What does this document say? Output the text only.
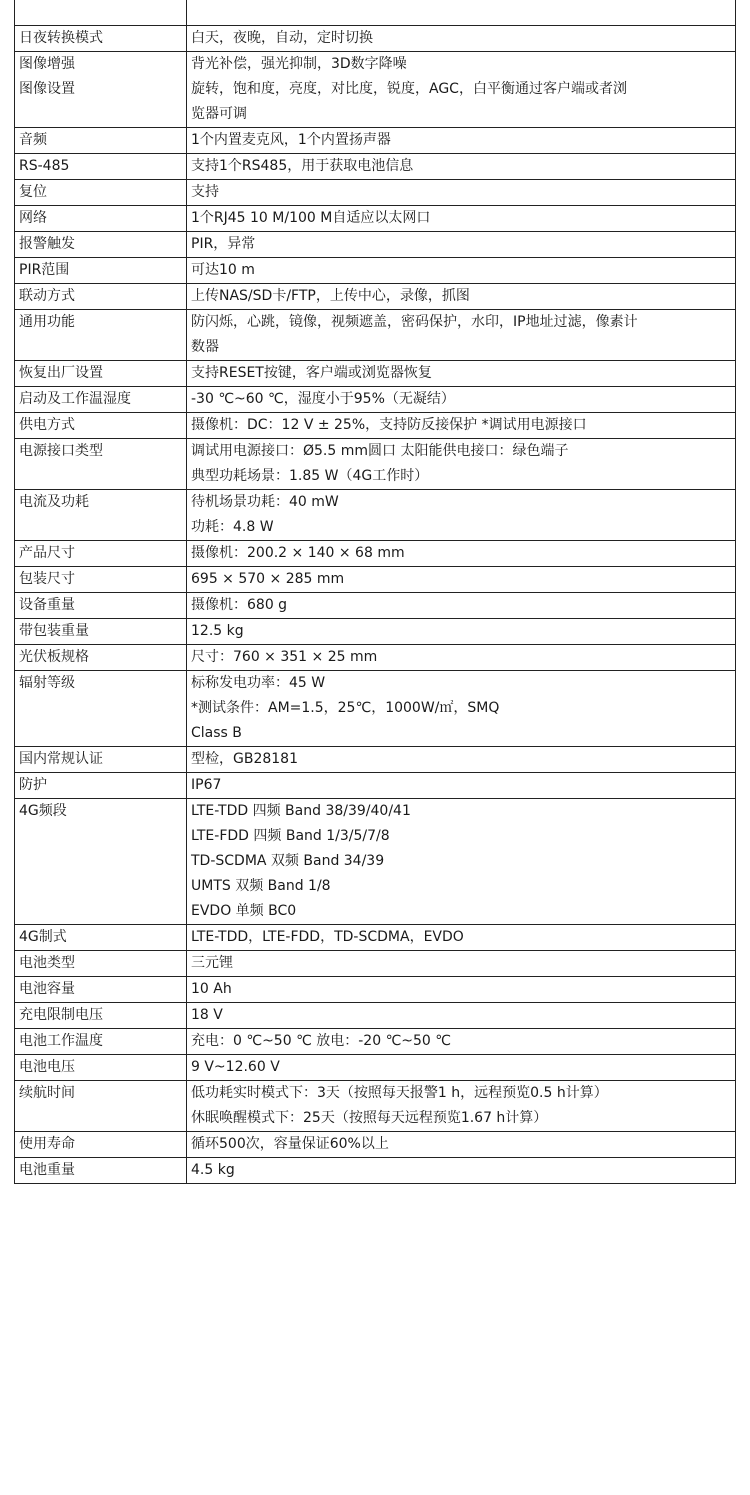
日夜转换模式	白天，夜晚，自动，定时切换

图像增强	背光补偿，强光抑制，3D数字降噪

图像设置	旋转，饱和度，亮度，对比度，锐度，AGC，白平衡通过客户端或者浏
览器可调

音频	1个内置麦克风，1个内置扬声器

RS-485	支持1个RS485，用于获取电池信息

复位	支持

网络	1个RJ45 10 M/100 M自适应以太网口

报警触发	PIR，异常

PIR范围	可达10 m

联动方式	上传NAS/SD卡/FTP，上传中心，录像，抓图

通用功能	防闪烁，心跳，镜像，视频遮盖，密码保护，水印，IP地址过滤，像素计
数器

恢复出厂设置	支持RESET按键，客户端或浏览器恢复

启动及工作温湿度	-30 ℃~60 ℃，湿度小于95%（无凝结）

供电方式	摄像机：DC：12 V ± 25%，支持防反接保护 *调试用电源接口

电源接口类型	调试用电源接口：Ø5.5 mm圆口 太阳能供电接口：绿色端子
典型功耗场景：1.85 W（4G工作时）

电流及功耗	待机场景功耗：40 mW
功耗：4.8 W

产品尺寸	摄像机：200.2 × 140 × 68 mm

包装尺寸	695 × 570 × 285 mm

设备重量	摄像机：680 g

带包装重量	12.5 kg

光伏板规格	尺寸：760 × 351 × 25 mm

辐射等级	标称发电功率：45 W
*测试条件：AM=1.5，25℃，1000W/㎡，SMQ
Class B

国内常规认证	型检，GB28181

防护	IP67

4G频段	LTE-TDD 四频 Band 38/39/40/41
LTE-FDD 四频 Band 1/3/5/7/8
TD-SCDMA 双频 Band 34/39
UMTS 双频 Band 1/8
EVDO 单频 BC0

4G制式	LTE-TDD，LTE-FDD，TD-SCDMA，EVDO

电池类型	三元锂

电池容量	10 Ah

充电限制电压	18 V

电池工作温度	充电：0 ℃~50 ℃ 放电：-20 ℃~50 ℃

电池电压	9 V~12.60 V

续航时间	低功耗实时模式下：3天（按照每天报警1 h，远程预览0.5 h计算）
休眠唤醒模式下：25天（按照每天远程预览1.67 h计算）

使用寿命	循环500次，容量保证60%以上

电池重量	4.5 kg
